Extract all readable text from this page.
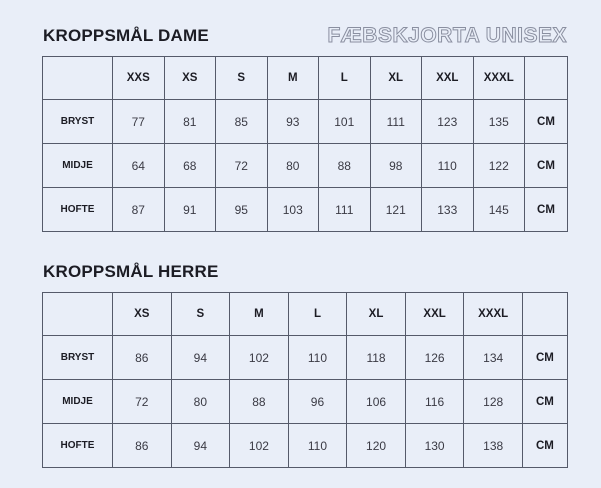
KROPPSMÅL DAME	FÆBSKJORTA UNISEX
	XXS	XS	S	M	L	XL	XXL	XXXL	
BRYST	77	81	85	93	101	111	123	135	CM
MIDJE	64	68	72	80	88	98	110	122	CM
HOFTE	87	91	95	103	111	121	133	145	CM
KROPPSMÅL HERRE
	XS	S	M	L	XL	XXL	XXXL	
BRYST	86	94	102	110	118	126	134	CM
MIDJE	72	80	88	96	106	116	128	CM
HOFTE	86	94	102	110	120	130	138	CM
